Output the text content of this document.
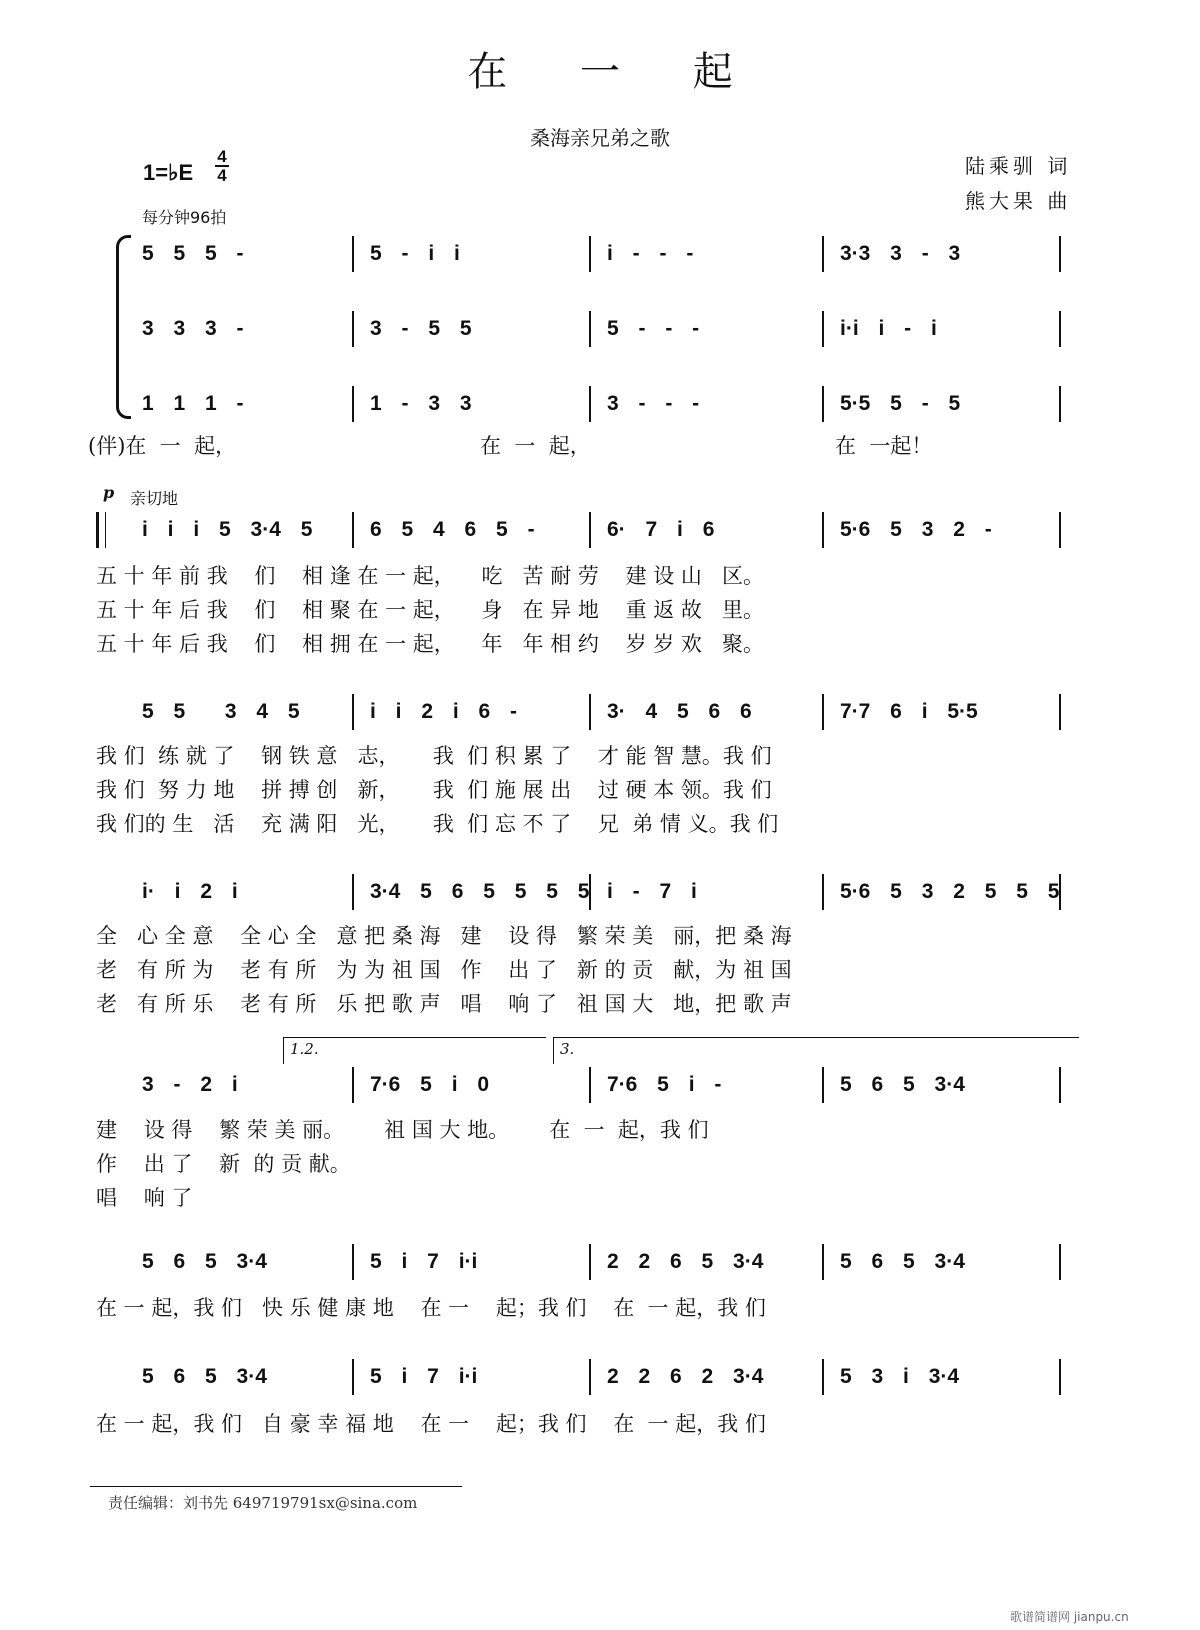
在 一 起
桑海亲兄弟之歌
陆乘驯 词
熊大果 曲
1=♭E
4
4
每分钟96拍
5 5 5 -	5 - i i	i - - -	3·3 3 - 3
3 3 3 -	3 - 5 5	5 - - -	i·i i - i
1 1 1 -	1 - 3 3	3 - - -	5·5 5 - 5
(伴)在  一  起，	在  一  起，	在  一起！
p 亲切地
i i i 5 3·4 5	6 5 4 6 5 -	6· 7 i 6	5·6 5 3 2 -
五 十 年 前 我    们    相 逢 在 一 起，    吃   苦 耐 劳    建 设 山   区。
五 十 年 后 我    们    相 聚 在 一 起，    身   在 异 地    重 返 故   里。
五 十 年 后 我    们    相 拥 在 一 起，    年   年 相 约    岁 岁 欢   聚。
5 5  3 4 5	i i 2 i 6 -	3· 4 5 6 6	7·7 6 i 5·5
我 们  练 就 了    钢 铁 意   志，     我  们 积 累 了    才 能 智 慧。我 们
我 们  努 力 地    拼 搏 创   新，     我  们 施 展 出    过 硬 本 领。我 们
我 们的 生   活    充 满 阳   光，     我  们 忘 不 了    兄  弟 情 义。我 们
i· i 2 i	3·4 5 6 5 5 5 5 i - 7 i	5·6 5 3 2 5 5 5
全   心 全 意    全 心 全   意 把 桑 海   建    设 得   繁 荣 美   丽，把 桑 海
老   有 所 为    老 有 所   为 为 祖 国   作    出 了   新 的 贡   献，为 祖 国
老   有 所 乐    老 有 所   乐 把 歌 声   唱    响 了   祖 国 大   地，把 歌 声
3 - 2 i	7·6 5 i 0	7·6 5 i -	5 6 5 3·4
建    设 得    繁 荣 美 丽。      祖 国 大 地。      在  一  起，我 们
作    出 了    新  的 贡 献。
唱    响 了
5 6 5 3·4	5 i 7 i·i	2 2 6 5 3·4	5 6 5 3·4
在 一 起，我 们   快 乐 健 康 地    在 一    起；我 们    在  一 起，我 们
5 6 5 3·4	5 i 7 i·i	2 2 6 2 3·4	5 3 i 3·4
在 一 起，我 们   自 豪 幸 福 地    在 一    起；我 们    在  一 起，我 们
1.2.	3.
责任编辑：刘书先 649719791sx@sina.com
歌谱简谱网 jianpu.cn
